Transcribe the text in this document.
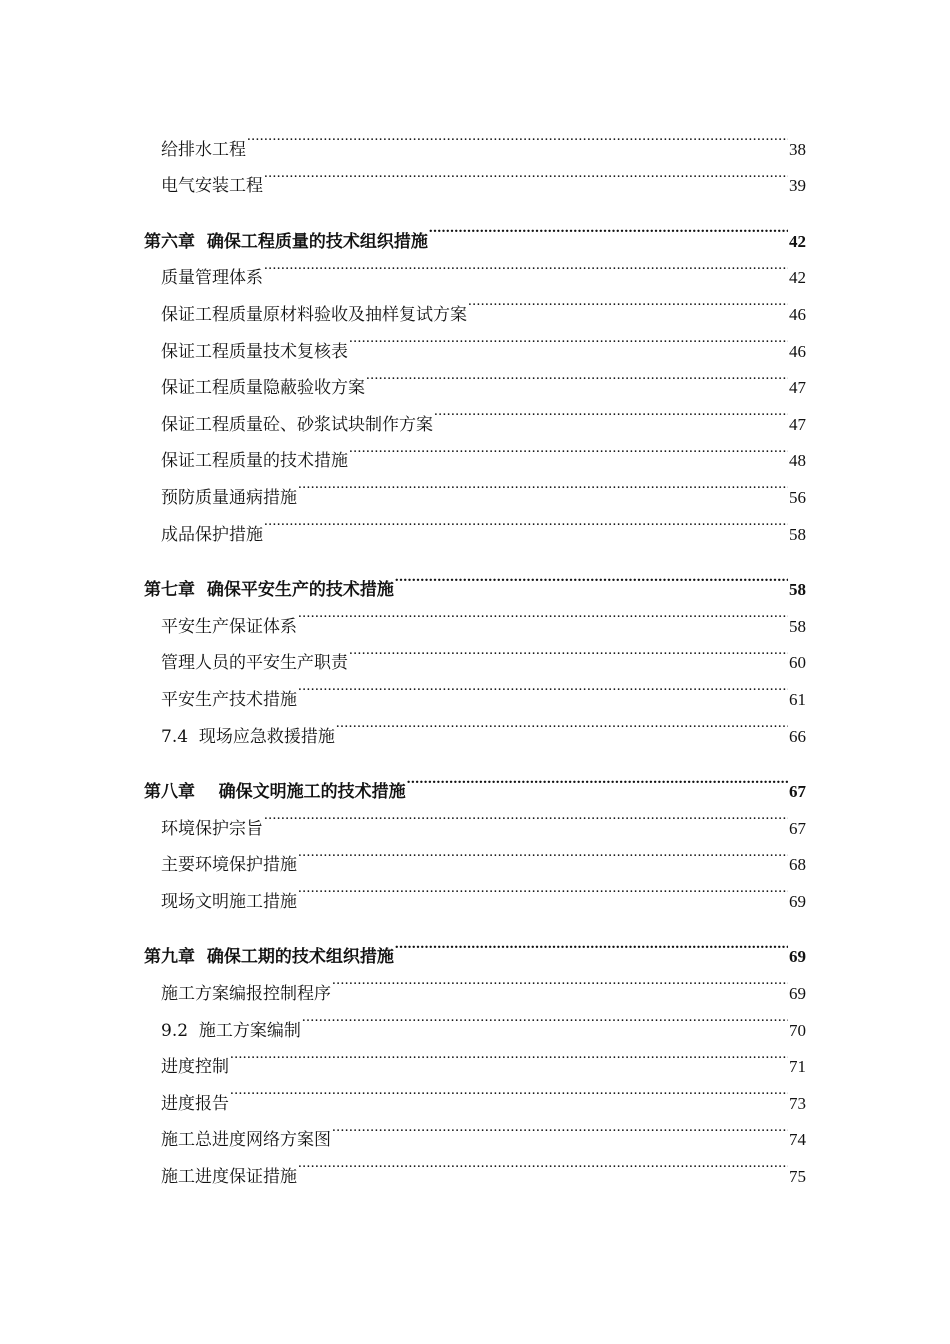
给排水工程 .....	38
电气安装工程 .....	39
第六章  确保工程质量的技术组织措施 .....	42
质量管理体系 .....	42
保证工程质量原材料验收及抽样复试方案 .....	46
保证工程质量技术复核表 .....	46
保证工程质量隐蔽验收方案 .....	47
保证工程质量砼、砂浆试块制作方案 .....	47
保证工程质量的技术措施 .....	48
预防质量通病措施 .....	56
成品保护措施 .....	58
第七章  确保平安生产的技术措施 .....	58
平安生产保证体系 .....	58
管理人员的平安生产职责 .....	60
平安生产技术措施 .....	61
7.4  现场应急救援措施 .....	66
第八章    确保文明施工的技术措施 .....	67
环境保护宗旨 .....	67
主要环境保护措施 .....	68
现场文明施工措施 .....	69
第九章  确保工期的技术组织措施 .....	69
施工方案编报控制程序 .....	69
9.2  施工方案编制 .....	70
进度控制 .....	71
进度报告 .....	73
施工总进度网络方案图 .....	74
施工进度保证措施 .....	75
